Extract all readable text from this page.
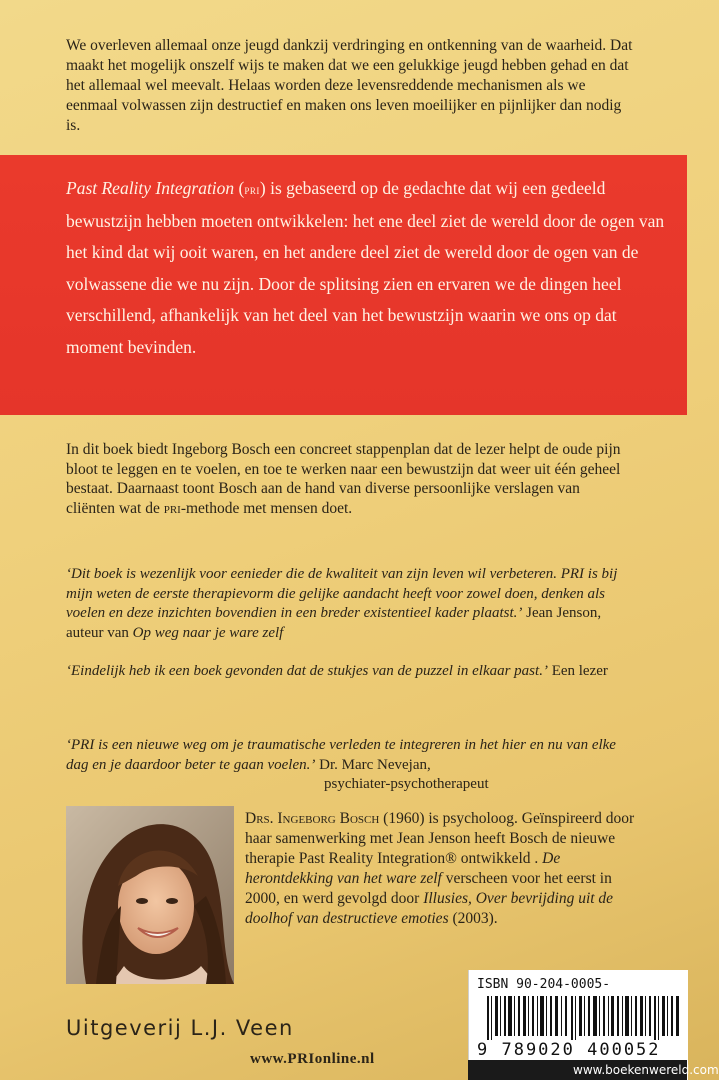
We overleven allemaal onze jeugd dankzij verdringing en ontkenning van de waarheid. Dat maakt het mogelijk onszelf wijs te maken dat we een gelukkige jeugd hebben gehad en dat het allemaal wel meevalt. Helaas worden deze levensreddende mechanismen als we eenmaal volwassen zijn destructief en maken ons leven moeilijker en pijnlijker dan nodig is.

Past Reality Integration (pri) is gebaseerd op de gedachte dat wij een gedeeld bewustzijn hebben moeten ontwikkelen: het ene deel ziet de wereld door de ogen van het kind dat wij ooit waren, en het andere deel ziet de wereld door de ogen van de volwassene die we nu zijn. Door de splitsing zien en ervaren we de dingen heel verschillend, afhankelijk van het deel van het bewustzijn waarin we ons op dat moment bevinden.

In dit boek biedt Ingeborg Bosch een concreet stappenplan dat de lezer helpt de oude pijn bloot te leggen en te voelen, en toe te werken naar een bewustzijn dat weer uit één geheel bestaat. Daarnaast toont Bosch aan de hand van diverse persoonlijke verslagen van cliënten wat de pri-methode met mensen doet.

‘Dit boek is wezenlijk voor eenieder die de kwaliteit van zijn leven wil verbeteren. PRI is bij mijn weten de eerste therapievorm die gelijke aandacht heeft voor zowel doen, denken als voelen en deze inzichten bovendien in een breder existentieel kader plaatst.’ Jean Jenson, auteur van Op weg naar je ware zelf

‘Eindelijk heb ik een boek gevonden dat de stukjes van de puzzel in elkaar past.’ Een lezer

‘PRI is een nieuwe weg om je traumatische verleden te integreren in het hier en nu van elke dag en je daardoor beter te gaan voelen.’ Dr. Marc Nevejan,
psychiater-psychotherapeut

Drs. Ingeborg Bosch (1960) is psycholoog. Geïnspireerd door haar samenwerking met Jean Jenson heeft Bosch de nieuwe therapie Past Reality Integration® ontwikkeld . De herontdekking van het ware zelf verscheen voor het eerst in 2000, en werd gevolgd door Illusies, Over bevrijding uit de doolhof van destructieve emoties (2003).

Uitgeverij L.J. Veen

www.PRIonline.nl
ISBN 90-204-0005-
9 789020 400052
www.boekenwereld.com
